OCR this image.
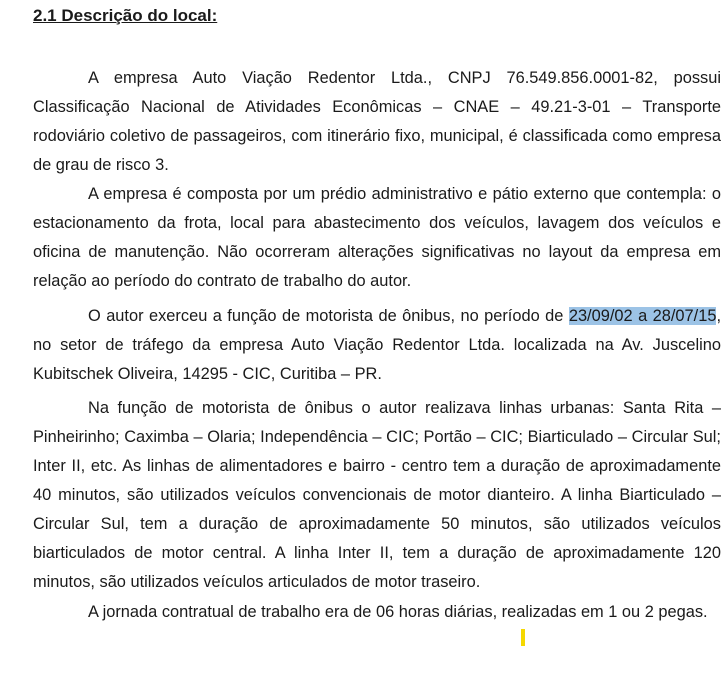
2.1 Descrição do local:

A empresa Auto Viação Redentor Ltda., CNPJ 76.549.856.0001-82, possui Classificação Nacional de Atividades Econômicas – CNAE – 49.21-3-01 – Transporte rodoviário coletivo de passageiros, com itinerário fixo, municipal, é classificada como empresa de grau de risco 3.

A empresa é composta por um prédio administrativo e pátio externo que contempla: o estacionamento da frota, local para abastecimento dos veículos, lavagem dos veículos e oficina de manutenção. Não ocorreram alterações significativas no layout da empresa em relação ao período do contrato de trabalho do autor.

O autor exerceu a função de motorista de ônibus, no período de 23/09/02 a 28/07/15, no setor de tráfego da empresa Auto Viação Redentor Ltda. localizada na Av. Juscelino Kubitschek Oliveira, 14295 - CIC, Curitiba – PR.

Na função de motorista de ônibus o autor realizava linhas urbanas: Santa Rita – Pinheirinho; Caximba – Olaria; Independência – CIC; Portão – CIC; Biarticulado – Circular Sul; Inter II, etc. As linhas de alimentadores e bairro - centro tem a duração de aproximadamente 40 minutos, são utilizados veículos convencionais de motor dianteiro. A linha Biarticulado – Circular Sul, tem a duração de aproximadamente 50 minutos, são utilizados veículos biarticulados de motor central. A linha Inter II, tem a duração de aproximadamente 120 minutos, são utilizados veículos articulados de motor traseiro.

A jornada contratual de trabalho era de 06 horas diárias, realizadas em 1 ou 2 pegas.
